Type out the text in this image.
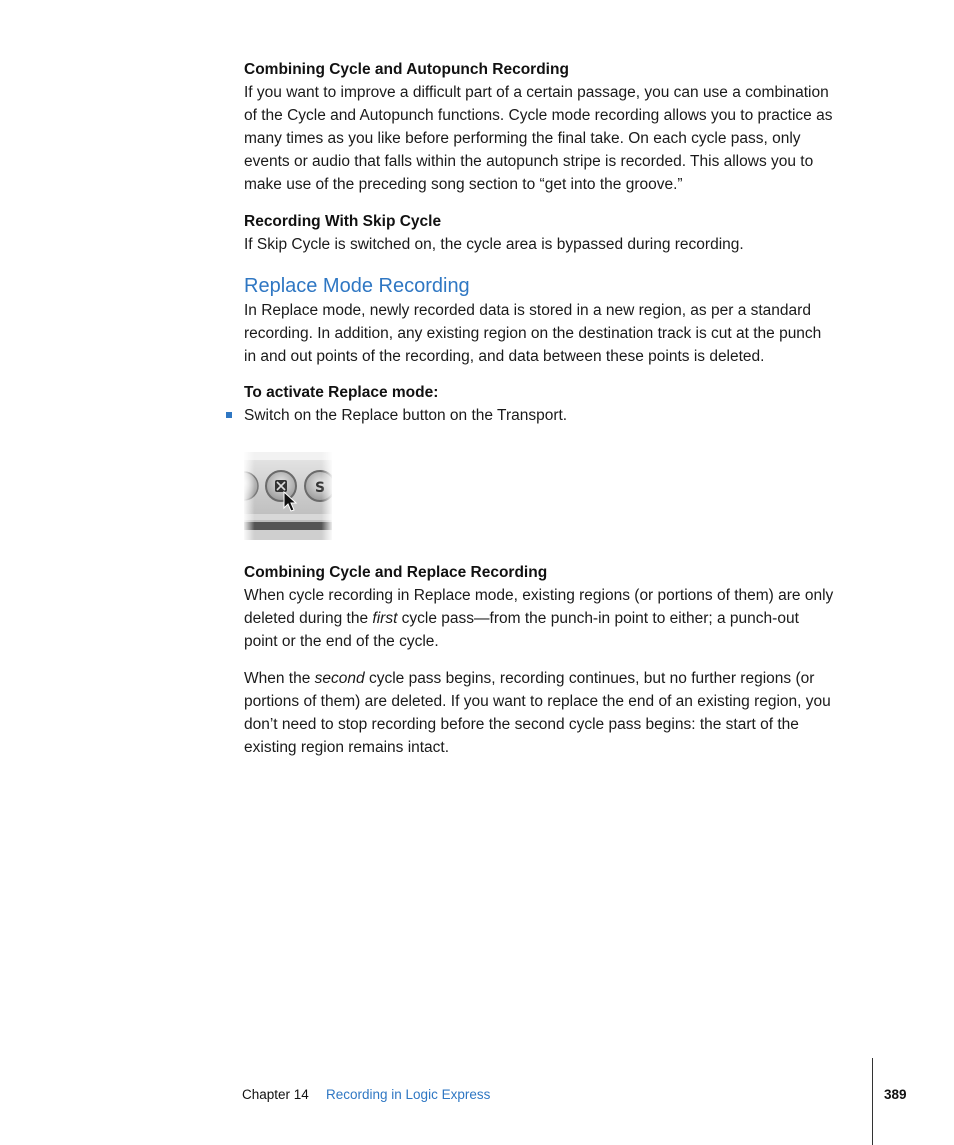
Combining Cycle and Autopunch Recording

If you want to improve a difficult part of a certain passage, you can use a combination

of the Cycle and Autopunch functions. Cycle mode recording allows you to practice as

many times as you like before performing the final take. On each cycle pass, only

events or audio that falls within the autopunch stripe is recorded. This allows you to

make use of the preceding song section to “get into the groove.”

Recording With Skip Cycle

If Skip Cycle is switched on, the cycle area is bypassed during recording.

Replace Mode Recording

In Replace mode, newly recorded data is stored in a new region, as per a standard

recording. In addition, any existing region on the destination track is cut at the punch

in and out points of the recording, and data between these points is deleted.

To activate Replace mode:

Switch on the Replace button on the Transport.

Combining Cycle and Replace Recording

When cycle recording in Replace mode, existing regions (or portions of them) are only

deleted during the first cycle pass—from the punch-in point to either; a punch-out

point or the end of the cycle.

When the second cycle pass begins, recording continues, but no further regions (or

portions of them) are deleted. If you want to replace the end of an existing region, you

don’t need to stop recording before the second cycle pass begins: the start of the

existing region remains intact.

Chapter 14 Recording in Logic Express	389
